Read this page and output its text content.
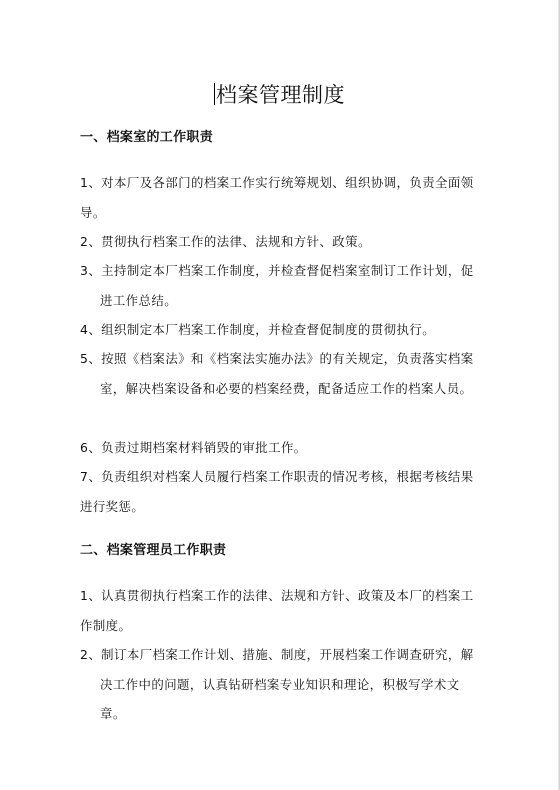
档案管理制度
一、档案室的工作职责
1、对本厂及各部门的档案工作实行统筹规划、组织协调，负责全面领导。
2、贯彻执行档案工作的法律、法规和方针、政策。
3、主持制定本厂档案工作制度，并检查督促档案室制订工作计划，促进工作总结。
4、组织制定本厂档案工作制度，并检查督促制度的贯彻执行。
5、按照《档案法》和《档案法实施办法》的有关规定，负责落实档案室，解决档案设备和必要的档案经费，配备适应工作的档案人员。
6、负责过期档案材料销毁的审批工作。
7、负责组织对档案人员履行档案工作职责的情况考核，根据考核结果进行奖惩。
二、档案管理员工作职责
1、认真贯彻执行档案工作的法律、法规和方针、政策及本厂的档案工作制度。
2、制订本厂档案工作计划、措施、制度，开展档案工作调查研究，解决工作中的问题，认真钻研档案专业知识和理论，积极写学术文章。
